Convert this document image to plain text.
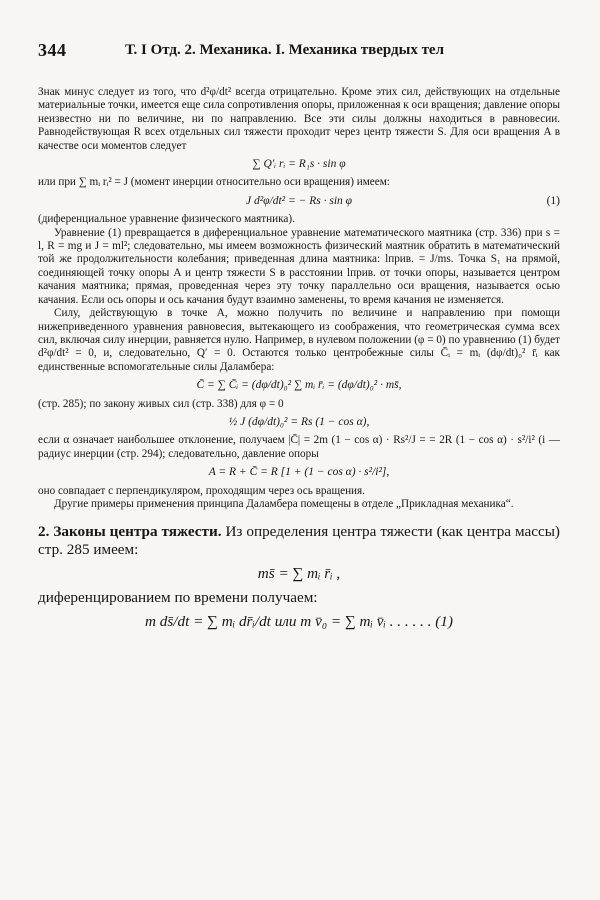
344	Т. I Отд. 2. Механика. I. Механика твердых тел

Знак минус следует из того, что d²φ/dt² всегда отрицательно. Кроме этих сил, действующих на отдельные материальные точки, имеется еще сила сопротивления опоры, приложенная к оси вращения; давление опоры неизвестно ни по величине, ни по направлению. Все эти силы должны находиться в равновесии. Равнодействующая R всех отдельных сил тяжести проходит через центр тяжести S. Для оси вращения A в качестве оси моментов следует

∑ Q′ᵢ rᵢ = R₁s · sin φ

или при ∑ mᵢ rᵢ² = J (момент инерции относительно оси вращения) имеем:

J d²φ/dt² = − Rs · sin φ	(1)

(диференциальное уравнение физического маятника).

Уравнение (1) превращается в диференциальное уравнение математического маятника (стр. 336) при s = l, R = mg и J = ml²; следовательно, мы имеем возможность физический маятник обратить в математический той же продолжительности колебания; приведенная длина маятника: lприв. = J/ms. Точка S₁ на прямой, соединяющей точку опоры A и центр тяжести S в расстоянии lприв. от точки опоры, называется центром качания маятника; прямая, проведенная через эту точку параллельно оси вращения, называется осью качания. Если ось опоры и ось качания будут взаимно заменены, то время качания не изменяется.

Силу, действующую в точке A, можно получить по величине и направлению при помощи нижеприведенного уравнения равновесия, вытекающего из соображения, что геометрическая сумма всех сил, включая силу инерции, равняется нулю. Например, в нулевом положении (φ = 0) по уравнению (1) будет d²φ/dt² = 0, и, следовательно, Q′ = 0. Остаются только центробежные силы C̄ᵢ = mᵢ (dφ/dt)₀² r̄ᵢ как единственные вспомогательные силы Даламбера:

C̄ = ∑ C̄ᵢ = (dφ/dt)₀² ∑ mᵢ r̄ᵢ = (dφ/dt)₀² · ms̄,

(стр. 285); по закону живых сил (стр. 338) для φ = 0

½ J (dφ/dt)₀² = Rs (1 − cos α),

если α означает наибольшее отклонение, получаем |C̄| = 2m (1 − cos α) · Rs²/J = = 2R (1 − cos α) · s²/i² (i — радиус инерции (стр. 294); следовательно, давление опоры

A = R + C̄ = R [1 + (1 − cos α) · s²/i²],

оно совпадает с перпендикуляром, проходящим через ось вращения.

Другие примеры применения принципа Даламбера помещены в отделе „Прикладная механика“.

2. Законы центра тяжести. Из определения центра тяжести (как центра массы) стр. 285 имеем:
ms̄ = ∑ mᵢ r̄ᵢ ,

диференцированием по времени получаем:

m ds̄/dt = ∑ mᵢ dr̄ᵢ/dt или m v̄₀ = ∑ mᵢ v̄ᵢ . . . . . . (1)
